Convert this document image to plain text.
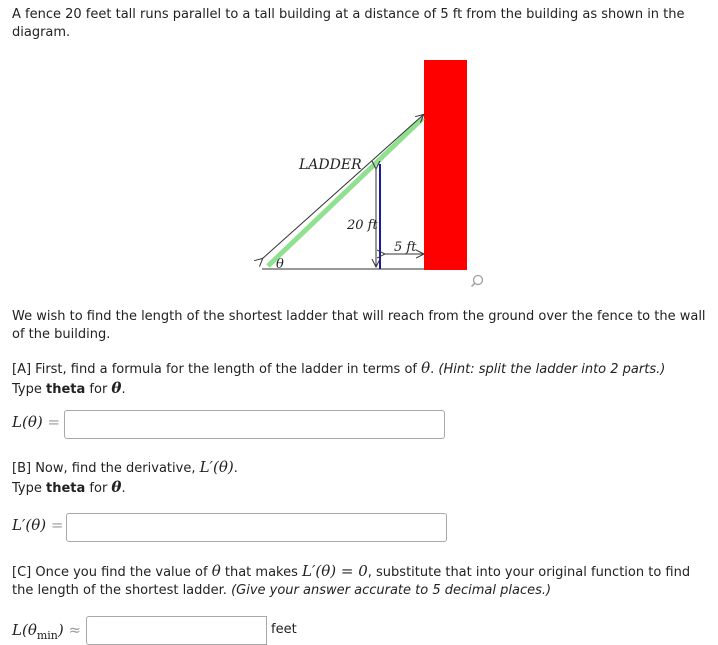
A fence 20 feet tall runs parallel to a tall building at a distance of 5 ft from the building as shown in the
diagram.
LADDER
20 ft
5 ft
θ
We wish to find the length of the shortest ladder that will reach from the ground over the fence to the wall
of the building.
[A] First, find a formula for the length of the ladder in terms of θ. (Hint: split the ladder into 2 parts.)
Type theta for θ.
L(θ) =
[B] Now, find the derivative, L′(θ).
Type theta for θ.
L′(θ) =
[C] Once you find the value of θ that makes L′(θ) = 0, substitute that into your original function to find
the length of the shortest ladder. (Give your answer accurate to 5 decimal places.)
$L(\theta_{min})$ ≈	feet
